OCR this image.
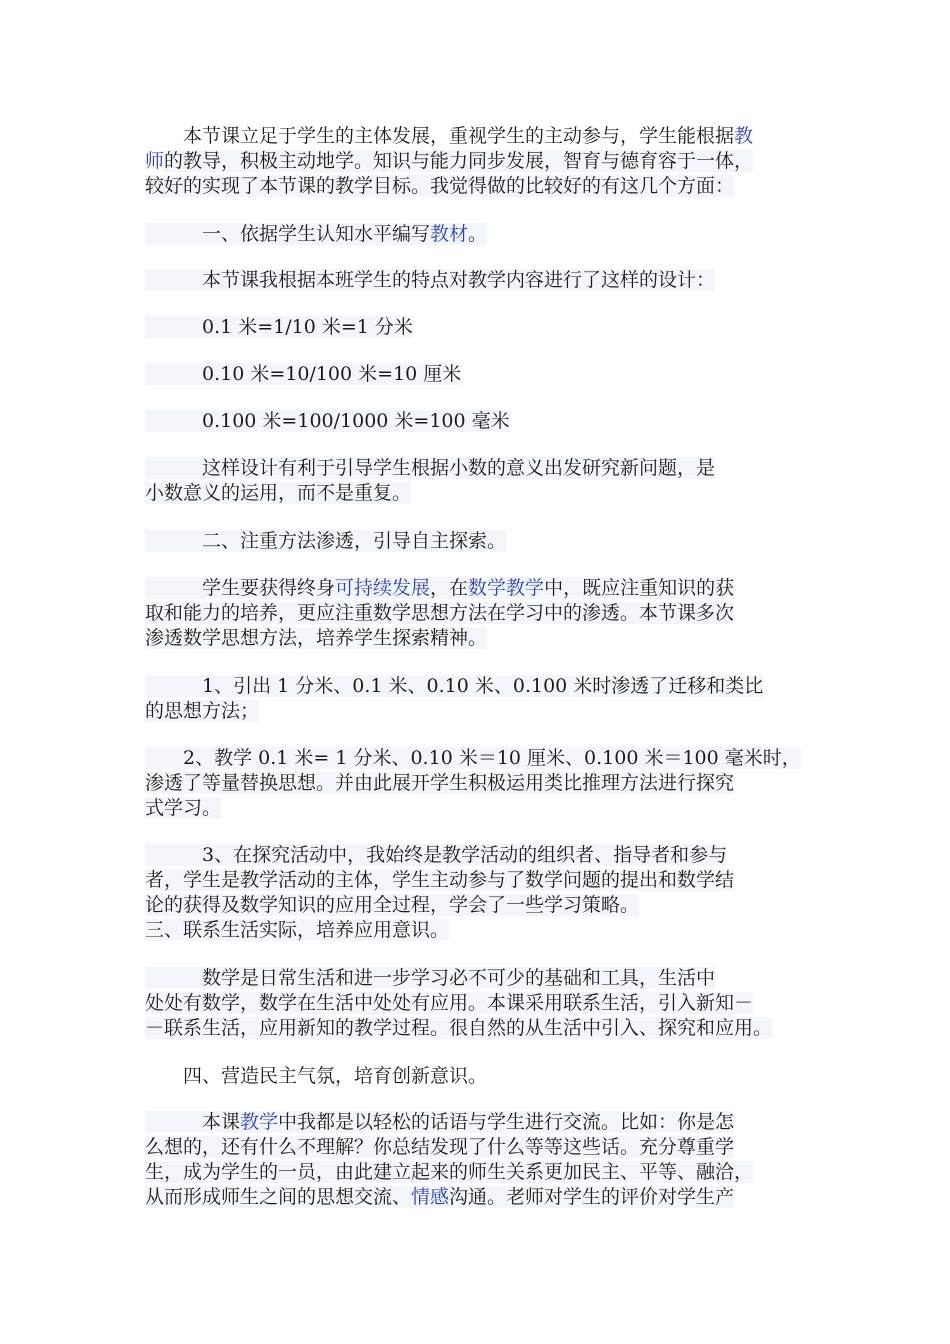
　　本节课立足于学生的主体发展，重视学生的主动参与，学生能根据教
师的教导，积极主动地学。知识与能力同步发展，智育与德育容于一体，
较好的实现了本节课的教学目标。我觉得做的比较好的有这几个方面：
　　　一、依据学生认知水平编写教材。
　　　本节课我根据本班学生的特点对教学内容进行了这样的设计：
　　　0.1 米=1/10 米=1 分米
　　　0.10 米=10/100 米=10 厘米
　　　0.100 米=100/1000 米=100 毫米
　　　这样设计有利于引导学生根据小数的意义出发研究新问题，是
小数意义的运用，而不是重复。
　　　二、注重方法渗透，引导自主探索。
　　　学生要获得终身可持续发展，在数学教学中，既应注重知识的获
取和能力的培养，更应注重数学思想方法在学习中的渗透。本节课多次
渗透数学思想方法，培养学生探索精神。
　　　1、引出 1 分米、0.1 米、0.10 米、0.100 米时渗透了迁移和类比
的思想方法；
　　2、教学 0.1 米= 1 分米、0.10 米＝10 厘米、0.100 米＝100 毫米时，
渗透了等量替换思想。并由此展开学生积极运用类比推理方法进行探究
式学习。
　　　3、在探究活动中，我始终是教学活动的组织者、指导者和参与
者，学生是教学活动的主体，学生主动参与了数学问题的提出和数学结
论的获得及数学知识的应用全过程，学会了一些学习策略。
三、联系生活实际，培养应用意识。
　　　数学是日常生活和进一步学习必不可少的基础和工具，生活中
处处有数学，数学在生活中处处有应用。本课采用联系生活，引入新知－
－联系生活，应用新知的教学过程。很自然的从生活中引入、探究和应用。
　　四、营造民主气氛，培育创新意识。
　　　本课教学中我都是以轻松的话语与学生进行交流。比如：你是怎
么想的，还有什么不理解？你总结发现了什么等等这些话。充分尊重学
生，成为学生的一员，由此建立起来的师生关系更加民主、平等、融洽，
从而形成师生之间的思想交流、情感沟通。老师对学生的评价对学生产
